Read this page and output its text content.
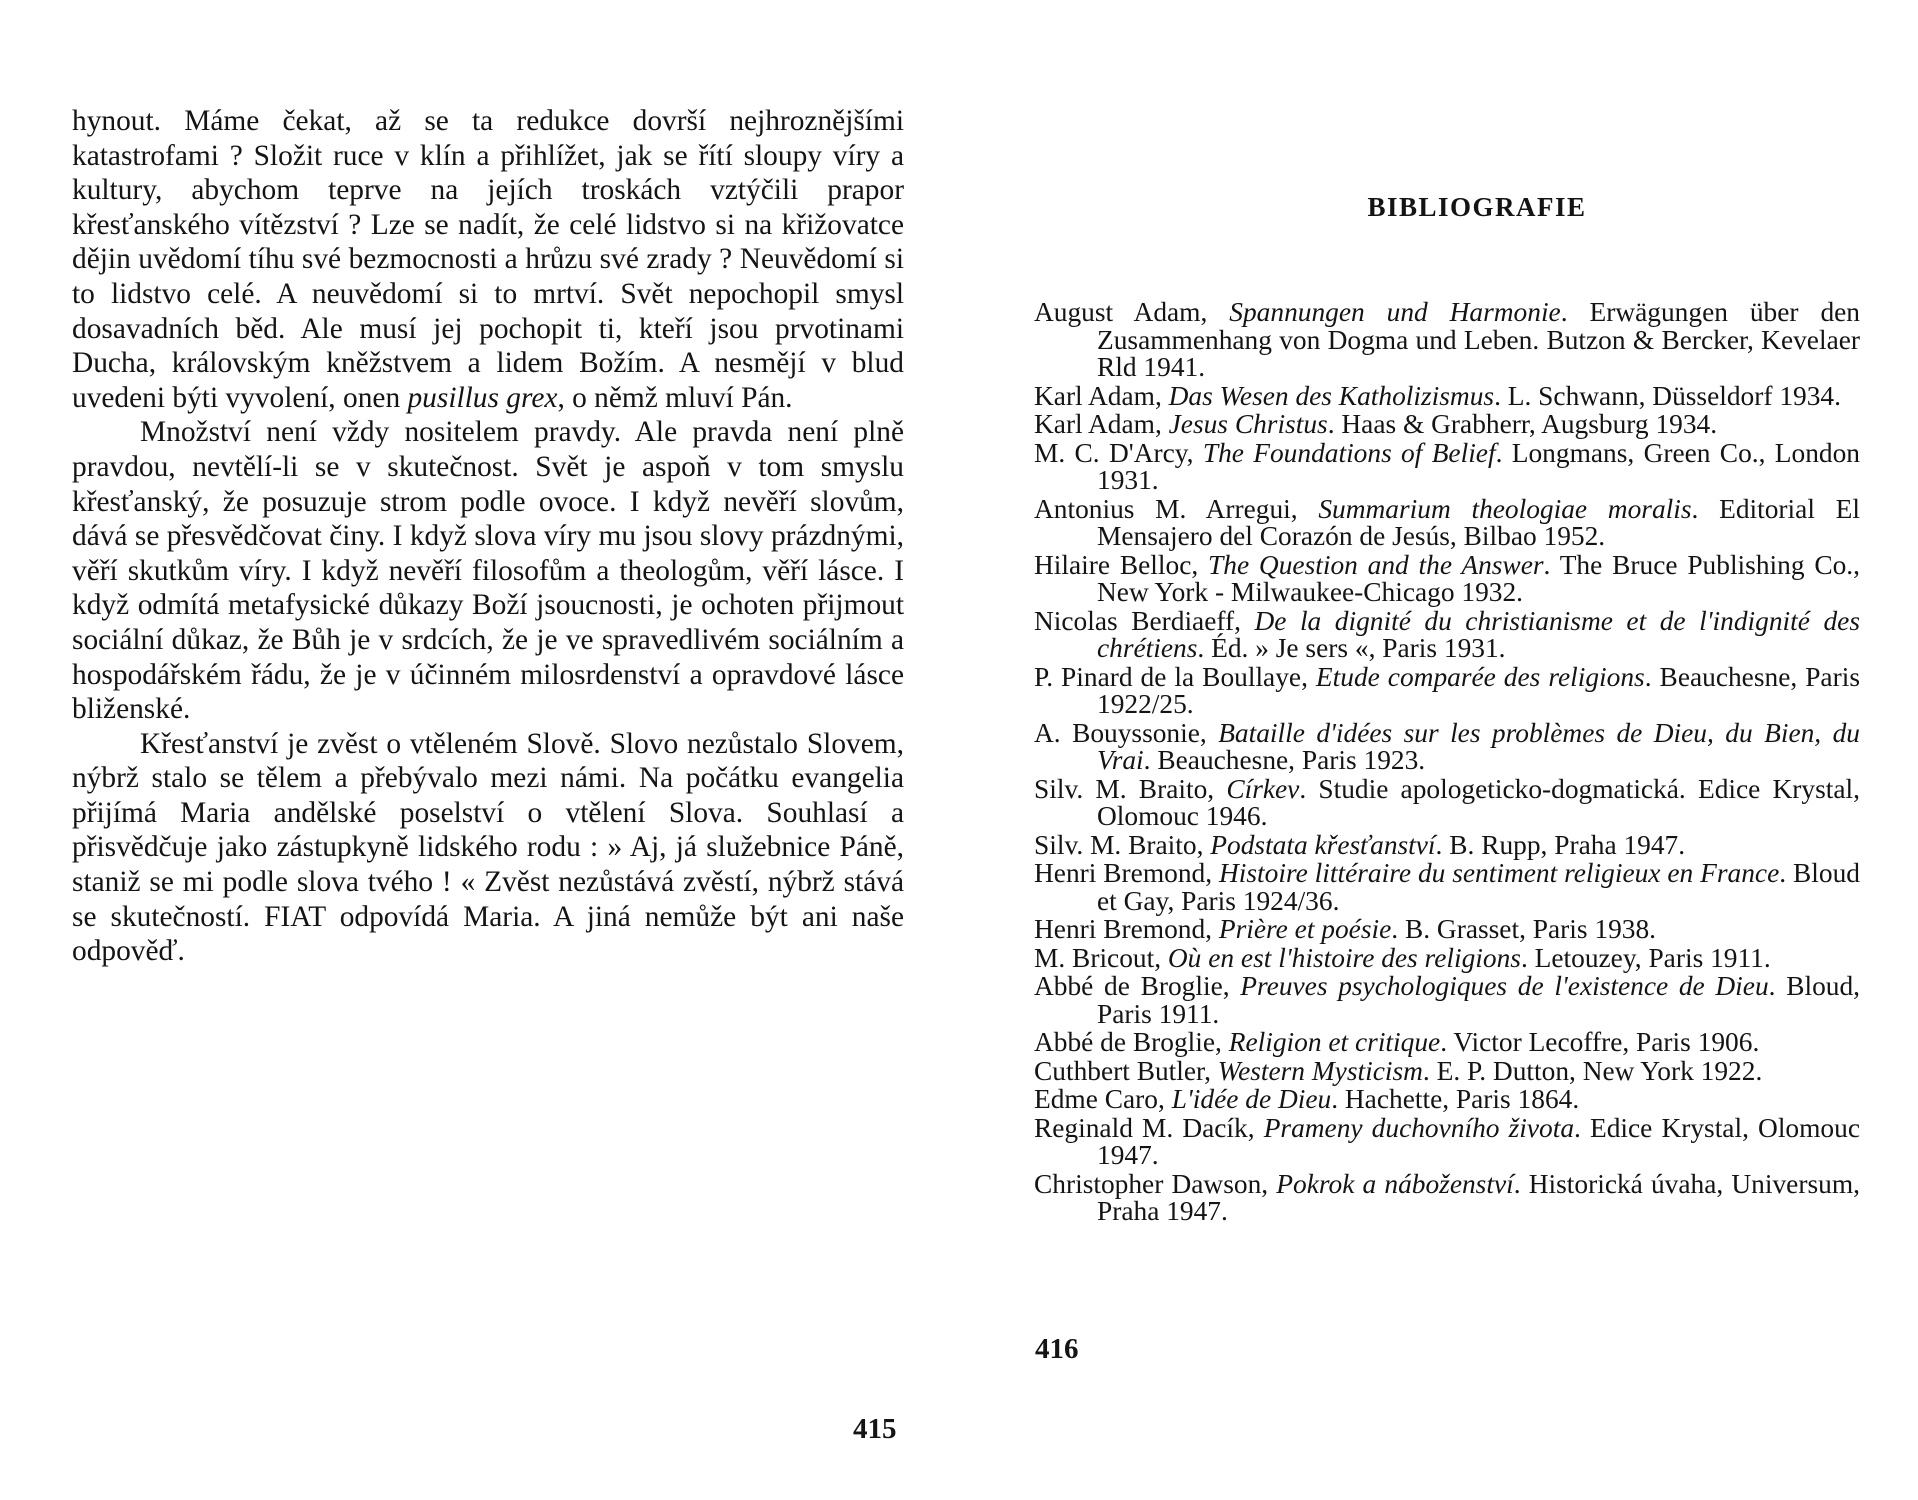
hynout. Máme čekat, až se ta redukce dovrší nejhroznějšími katastrofami ? Složit ruce v klín a přihlížet, jak se řítí sloupy víry a kultury, abychom teprve na jejích troskách vztýčili prapor křesťanského vítězství ? Lze se nadít, že celé lidstvo si na křižovatce dějin uvědomí tíhu své bezmocnosti a hrůzu své zrady ? Neuvědomí si to lidstvo celé. A neuvědomí si to mrtví. Svět nepochopil smysl dosavadních běd. Ale musí jej pochopit ti, kteří jsou prvotinami Ducha, královským kněžstvem a lidem Božím. A nesmějí v blud uvedeni býti vyvolení, onen pusillus grex, o němž mluví Pán.

Množství není vždy nositelem pravdy. Ale pravda není plně pravdou, nevtělí-li se v skutečnost. Svět je aspoň v tom smyslu křesťanský, že posuzuje strom podle ovoce. I když nevěří slovům, dává se přesvědčovat činy. I když slova víry mu jsou slovy prázdnými, věří skutkům víry. I když nevěří filosofům a theologům, věří lásce. I když odmítá metafysické důkazy Boží jsoucnosti, je ochoten přijmout sociální důkaz, že Bůh je v srdcích, že je ve spravedlivém sociálním a hospodářském řádu, že je v účinném milosrdenství a opravdové lásce bliženské.

Křesťanství je zvěst o vtěleném Slově. Slovo nezůstalo Slovem, nýbrž stalo se tělem a přebývalo mezi námi. Na počátku evangelia přijímá Maria andělské poselství o vtělení Slova. Souhlasí a přisvědčuje jako zástupkyně lidského rodu : » Aj, já služebnice Páně, staniž se mi podle slova tvého ! « Zvěst nezůstává zvěstí, nýbrž stává se skutečností. FIAT odpovídá Maria. A jiná nemůže být ani naše odpověď.

415
BIBLIOGRAFIE
August Adam, Spannungen und Harmonie. Erwägungen über den Zusammenhang von Dogma und Leben. Butzon & Bercker, Kevelaer Rld 1941.
Karl Adam, Das Wesen des Katholizismus. L. Schwann, Düsseldorf 1934.
Karl Adam, Jesus Christus. Haas & Grabherr, Augsburg 1934.
M. C. D'Arcy, The Foundations of Belief. Longmans, Green Co., London 1931.
Antonius M. Arregui, Summarium theologiae moralis. Editorial El Mensajero del Corazón de Jesús, Bilbao 1952.
Hilaire Belloc, The Question and the Answer. The Bruce Publishing Co., New York - Milwaukee-Chicago 1932.
Nicolas Berdiaeff, De la dignité du christianisme et de l'indignité des chrétiens. Éd. » Je sers «, Paris 1931.
P. Pinard de la Boullaye, Etude comparée des religions. Beauchesne, Paris 1922/25.
A. Bouyssonie, Bataille d'idées sur les problèmes de Dieu, du Bien, du Vrai. Beauchesne, Paris 1923.
Silv. M. Braito, Církev. Studie apologeticko-dogmatická. Edice Krystal, Olomouc 1946.
Silv. M. Braito, Podstata křesťanství. B. Rupp, Praha 1947.
Henri Bremond, Histoire littéraire du sentiment religieux en France. Bloud et Gay, Paris 1924/36.
Henri Bremond, Prière et poésie. B. Grasset, Paris 1938.
M. Bricout, Où en est l'histoire des religions. Letouzey, Paris 1911.
Abbé de Broglie, Preuves psychologiques de l'existence de Dieu. Bloud, Paris 1911.
Abbé de Broglie, Religion et critique. Victor Lecoffre, Paris 1906.
Cuthbert Butler, Western Mysticism. E. P. Dutton, New York 1922.
Edme Caro, L'idée de Dieu. Hachette, Paris 1864.
Reginald M. Dacík, Prameny duchovního života. Edice Krystal, Olomouc 1947.
Christopher Dawson, Pokrok a náboženství. Historická úvaha, Universum, Praha 1947.
416
